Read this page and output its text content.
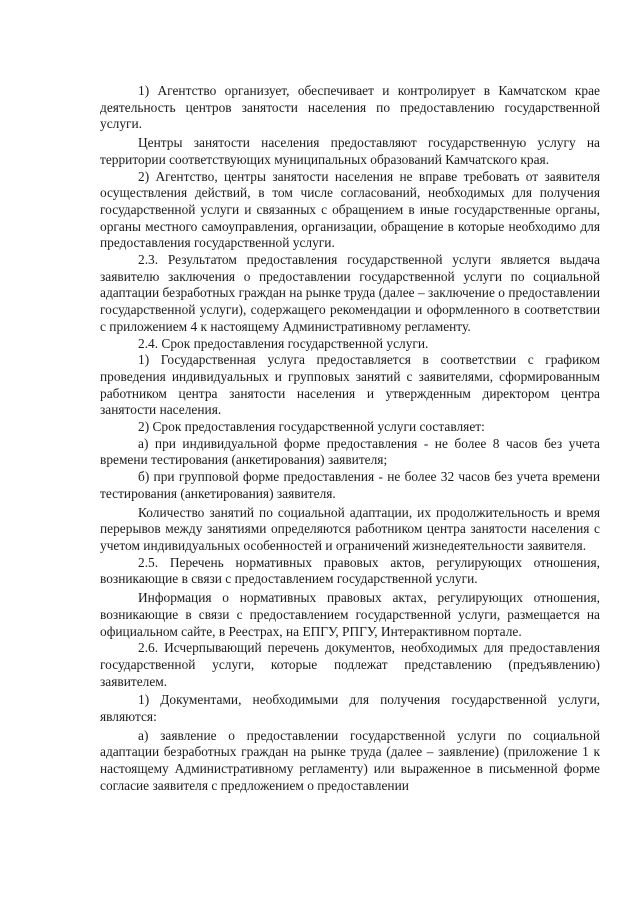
1) Агентство организует, обеспечивает и контролирует в Камчатском крае деятельность центров занятости населения по предоставлению государственной услуги.

Центры занятости населения предоставляют государственную услугу на территории соответствующих муниципальных образований Камчатского края.

2) Агентство, центры занятости населения не вправе требовать от заявителя осуществления действий, в том числе согласований, необходимых для получения государственной услуги и связанных с обращением в иные государственные органы, органы местного самоуправления, организации, обращение в которые необходимо для предоставления государственной услуги.

2.3. Результатом предоставления государственной услуги является выдача заявителю заключения о предоставлении государственной услуги по социальной адаптации безработных граждан на рынке труда (далее – заключение о предоставлении государственной услуги), содержащего рекомендации и оформленного в соответствии с приложением 4 к настоящему Административному регламенту.

2.4. Срок предоставления государственной услуги.

1) Государственная услуга предоставляется в соответствии с графиком проведения индивидуальных и групповых занятий с заявителями, сформированным работником центра занятости населения и утвержденным директором центра занятости населения.

2) Срок предоставления государственной услуги составляет:

а) при индивидуальной форме предоставления - не более 8 часов без учета времени тестирования (анкетирования) заявителя;

б) при групповой форме предоставления - не более 32 часов без учета времени тестирования (анкетирования) заявителя.

Количество занятий по социальной адаптации, их продолжительность и время перерывов между занятиями определяются работником центра занятости населения с учетом индивидуальных особенностей и ограничений жизнедеятельности заявителя.

2.5. Перечень нормативных правовых актов, регулирующих отношения, возникающие в связи с предоставлением государственной услуги.

Информация о нормативных правовых актах, регулирующих отношения, возникающие в связи с предоставлением государственной услуги, размещается на официальном сайте, в Реестрах, на ЕПГУ, РПГУ, Интерактивном портале.

2.6. Исчерпывающий перечень документов, необходимых для предоставления государственной услуги, которые подлежат представлению (предъявлению) заявителем.

1) Документами, необходимыми для получения государственной услуги, являются:

а) заявление о предоставлении государственной услуги по социальной адаптации безработных граждан на рынке труда (далее – заявление) (приложение 1 к настоящему Административному регламенту) или выраженное в письменной форме согласие заявителя с предложением о предоставлении
